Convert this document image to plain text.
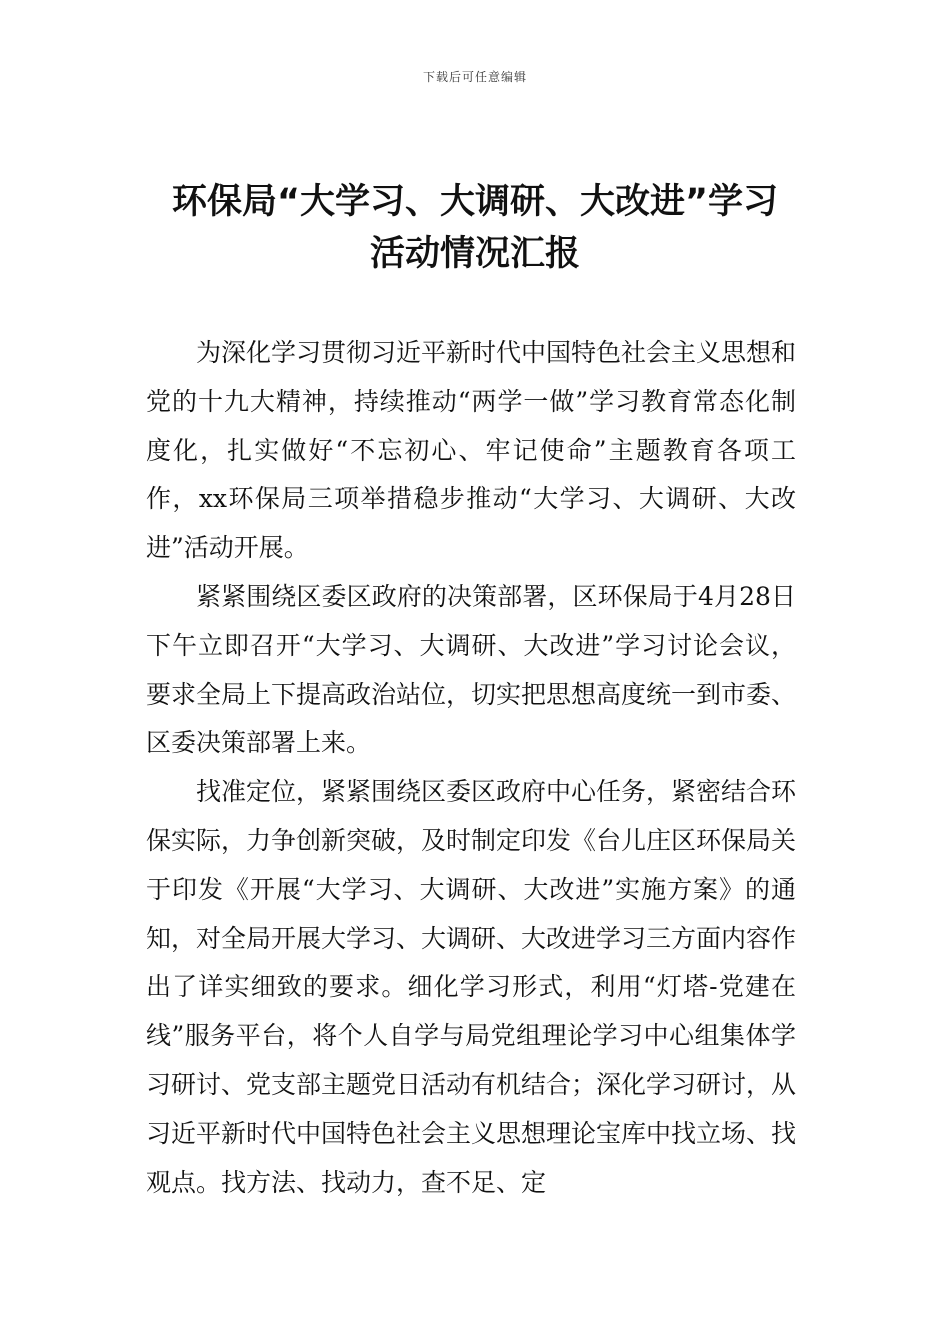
下载后可任意编辑
环保局“大学习、大调研、大改进”学习
活动情况汇报

为深化学习贯彻习近平新时代中国特色社会主义思想和党的十九大精神，持续推动“两学一做”学习教育常态化制度化，扎实做好“不忘初心、牢记使命”主题教育各项工作，xx环保局三项举措稳步推动“大学习、大调研、大改进”活动开展。

紧紧围绕区委区政府的决策部署，区环保局于4月28日下午立即召开“大学习、大调研、大改进”学习讨论会议，要求全局上下提高政治站位，切实把思想高度统一到市委、区委决策部署上来。

找准定位，紧紧围绕区委区政府中心任务，紧密结合环保实际，力争创新突破，及时制定印发《台儿庄区环保局关于印发《开展“大学习、大调研、大改进”实施方案》的通知，对全局开展大学习、大调研、大改进学习三方面内容作出了详实细致的要求。细化学习形式，利用“灯塔-党建在线”服务平台，将个人自学与局党组理论学习中心组集体学习研讨、党支部主题党日活动有机结合；深化学习研讨，从习近平新时代中国特色社会主义思想理论宝库中找立场、找观点。找方法、找动力，查不足、定
